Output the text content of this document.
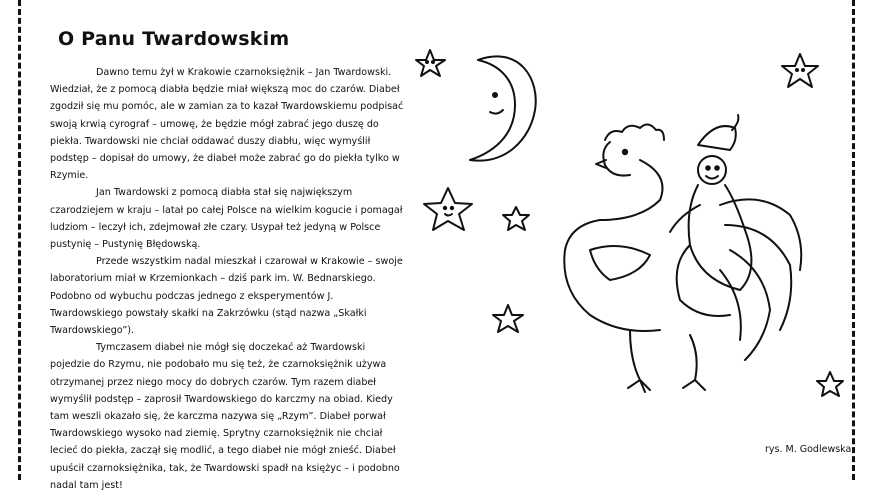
O Panu Twardowskim

Dawno temu żył w Krakowie czarnoksiężnik – Jan Twardowski. Wiedział, że z pomocą diabła będzie miał większą moc do czarów. Diabeł zgodził się mu pomóc, ale w zamian za to kazał Twardowskiemu podpisać swoją krwią cyrograf – umowę, że będzie mógł zabrać jego duszę do piekła. Twardowski nie chciał oddawać duszy diabłu, więc wymyślił podstęp – dopisał do umowy, że diabeł może zabrać go do piekła tylko w Rzymie.

Jan Twardowski z pomocą diabła stał się największym czarodziejem w kraju – latał po całej Polsce na wielkim kogucie i pomagał ludziom – leczył ich, zdejmował złe czary. Usypał też jedyną w Polsce pustynię – Pustynię Błędowską.

Przede wszystkim nadal mieszkał i czarował w Krakowie – swoje laboratorium miał w Krzemionkach – dziś park im. W. Bednarskiego. Podobno od wybuchu podczas jednego z eksperymentów J. Twardowskiego powstały skałki na Zakrzówku (stąd nazwa „Skałki Twardowskiego”).

Tymczasem diabeł nie mógł się doczekać aż Twardowski pojedzie do Rzymu, nie podobało mu się też, że czarnoksiężnik używa otrzymanej przez niego mocy do dobrych czarów. Tym razem diabeł wymyślił podstęp – zaprosił Twardowskiego do karczmy na obiad. Kiedy tam weszli okazało się, że karczma nazywa się „Rzym”. Diabeł porwał Twardowskiego wysoko nad ziemię. Sprytny czarnoksiężnik nie chciał lecieć do piekła, zaczął się modlić, a tego diabeł nie mógł znieść. Diabeł upuścił czarnoksiężnika, tak, że Twardowski spadł na księżyc – i podobno nadal tam jest!

rys. M. Godlewska
